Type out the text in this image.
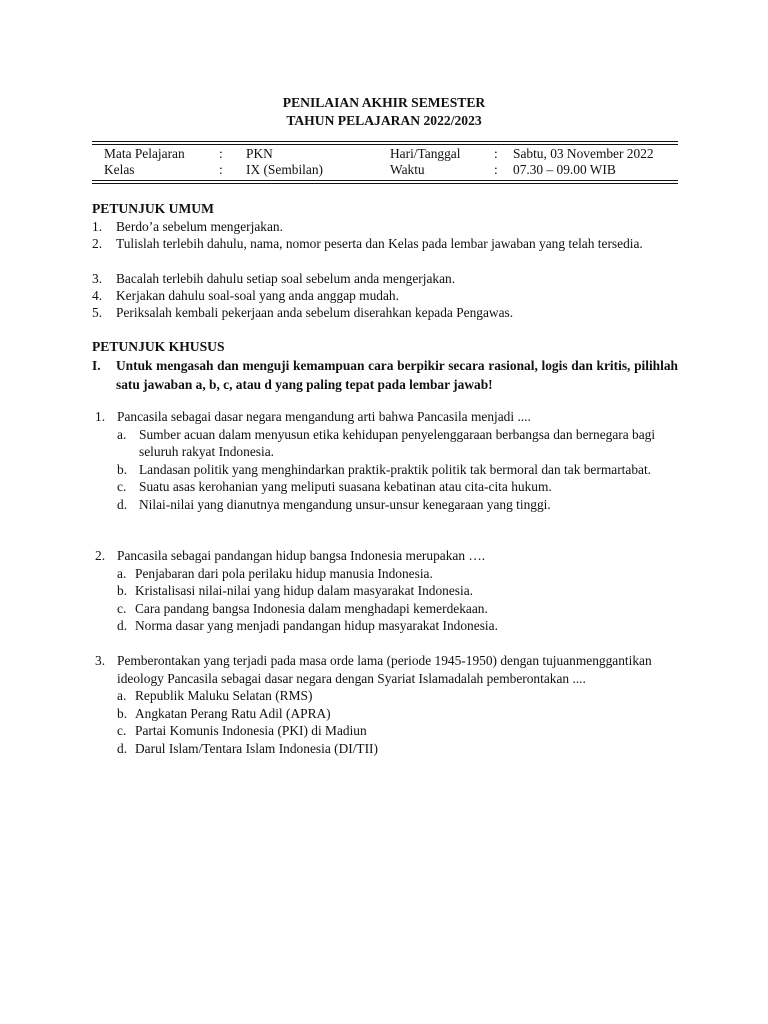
PENILAIAN AKHIR SEMESTER
TAHUN PELAJARAN 2022/2023
Mata Pelajaran	: PKN	Hari/Tanggal	: Sabtu, 03 November 2022
Kelas	: IX (Sembilan)	Waktu	: 07.30 – 09.00 WIB
PETUNJUK UMUM
1. Berdo’a sebelum mengerjakan.
2. Tulislah terlebih dahulu, nama, nomor peserta dan Kelas pada lembar jawaban yang telah tersedia.
3. Bacalah terlebih dahulu setiap soal sebelum anda mengerjakan.
4. Kerjakan dahulu soal-soal yang anda anggap mudah.
5. Periksalah kembali pekerjaan anda sebelum diserahkan kepada Pengawas.
PETUNJUK KHUSUS
I. Untuk mengasah dan menguji kemampuan cara berpikir secara rasional, logis dan kritis, pilihlah satu jawaban a, b, c, atau d yang paling tepat pada lembar jawab!
1. Pancasila sebagai dasar negara mengandung arti bahwa Pancasila menjadi ....
a. Sumber acuan dalam menyusun etika kehidupan penyelenggaraan berbangsa dan bernegara bagi seluruh rakyat Indonesia.
b. Landasan politik yang menghindarkan praktik-praktik politik tak bermoral dan tak bermartabat.
c. Suatu asas kerohanian yang meliputi suasana kebatinan atau cita-cita hukum.
d. Nilai-nilai yang dianutnya mengandung unsur-unsur kenegaraan yang tinggi.
2. Pancasila sebagai pandangan hidup bangsa Indonesia merupakan ….
a. Penjabaran dari pola perilaku hidup manusia Indonesia.
b. Kristalisasi nilai-nilai yang hidup dalam masyarakat Indonesia.
c. Cara pandang bangsa Indonesia dalam menghadapi kemerdekaan.
d. Norma dasar yang menjadi pandangan hidup masyarakat Indonesia.
3. Pemberontakan yang terjadi pada masa orde lama (periode 1945-1950) dengan tujuanmenggantikan ideology Pancasila sebagai dasar negara dengan Syariat Islamadalah pemberontakan ....
a. Republik Maluku Selatan (RMS)
b. Angkatan Perang Ratu Adil (APRA)
c. Partai Komunis Indonesia (PKI) di Madiun
d. Darul Islam/Tentara Islam Indonesia (DI/TII)
